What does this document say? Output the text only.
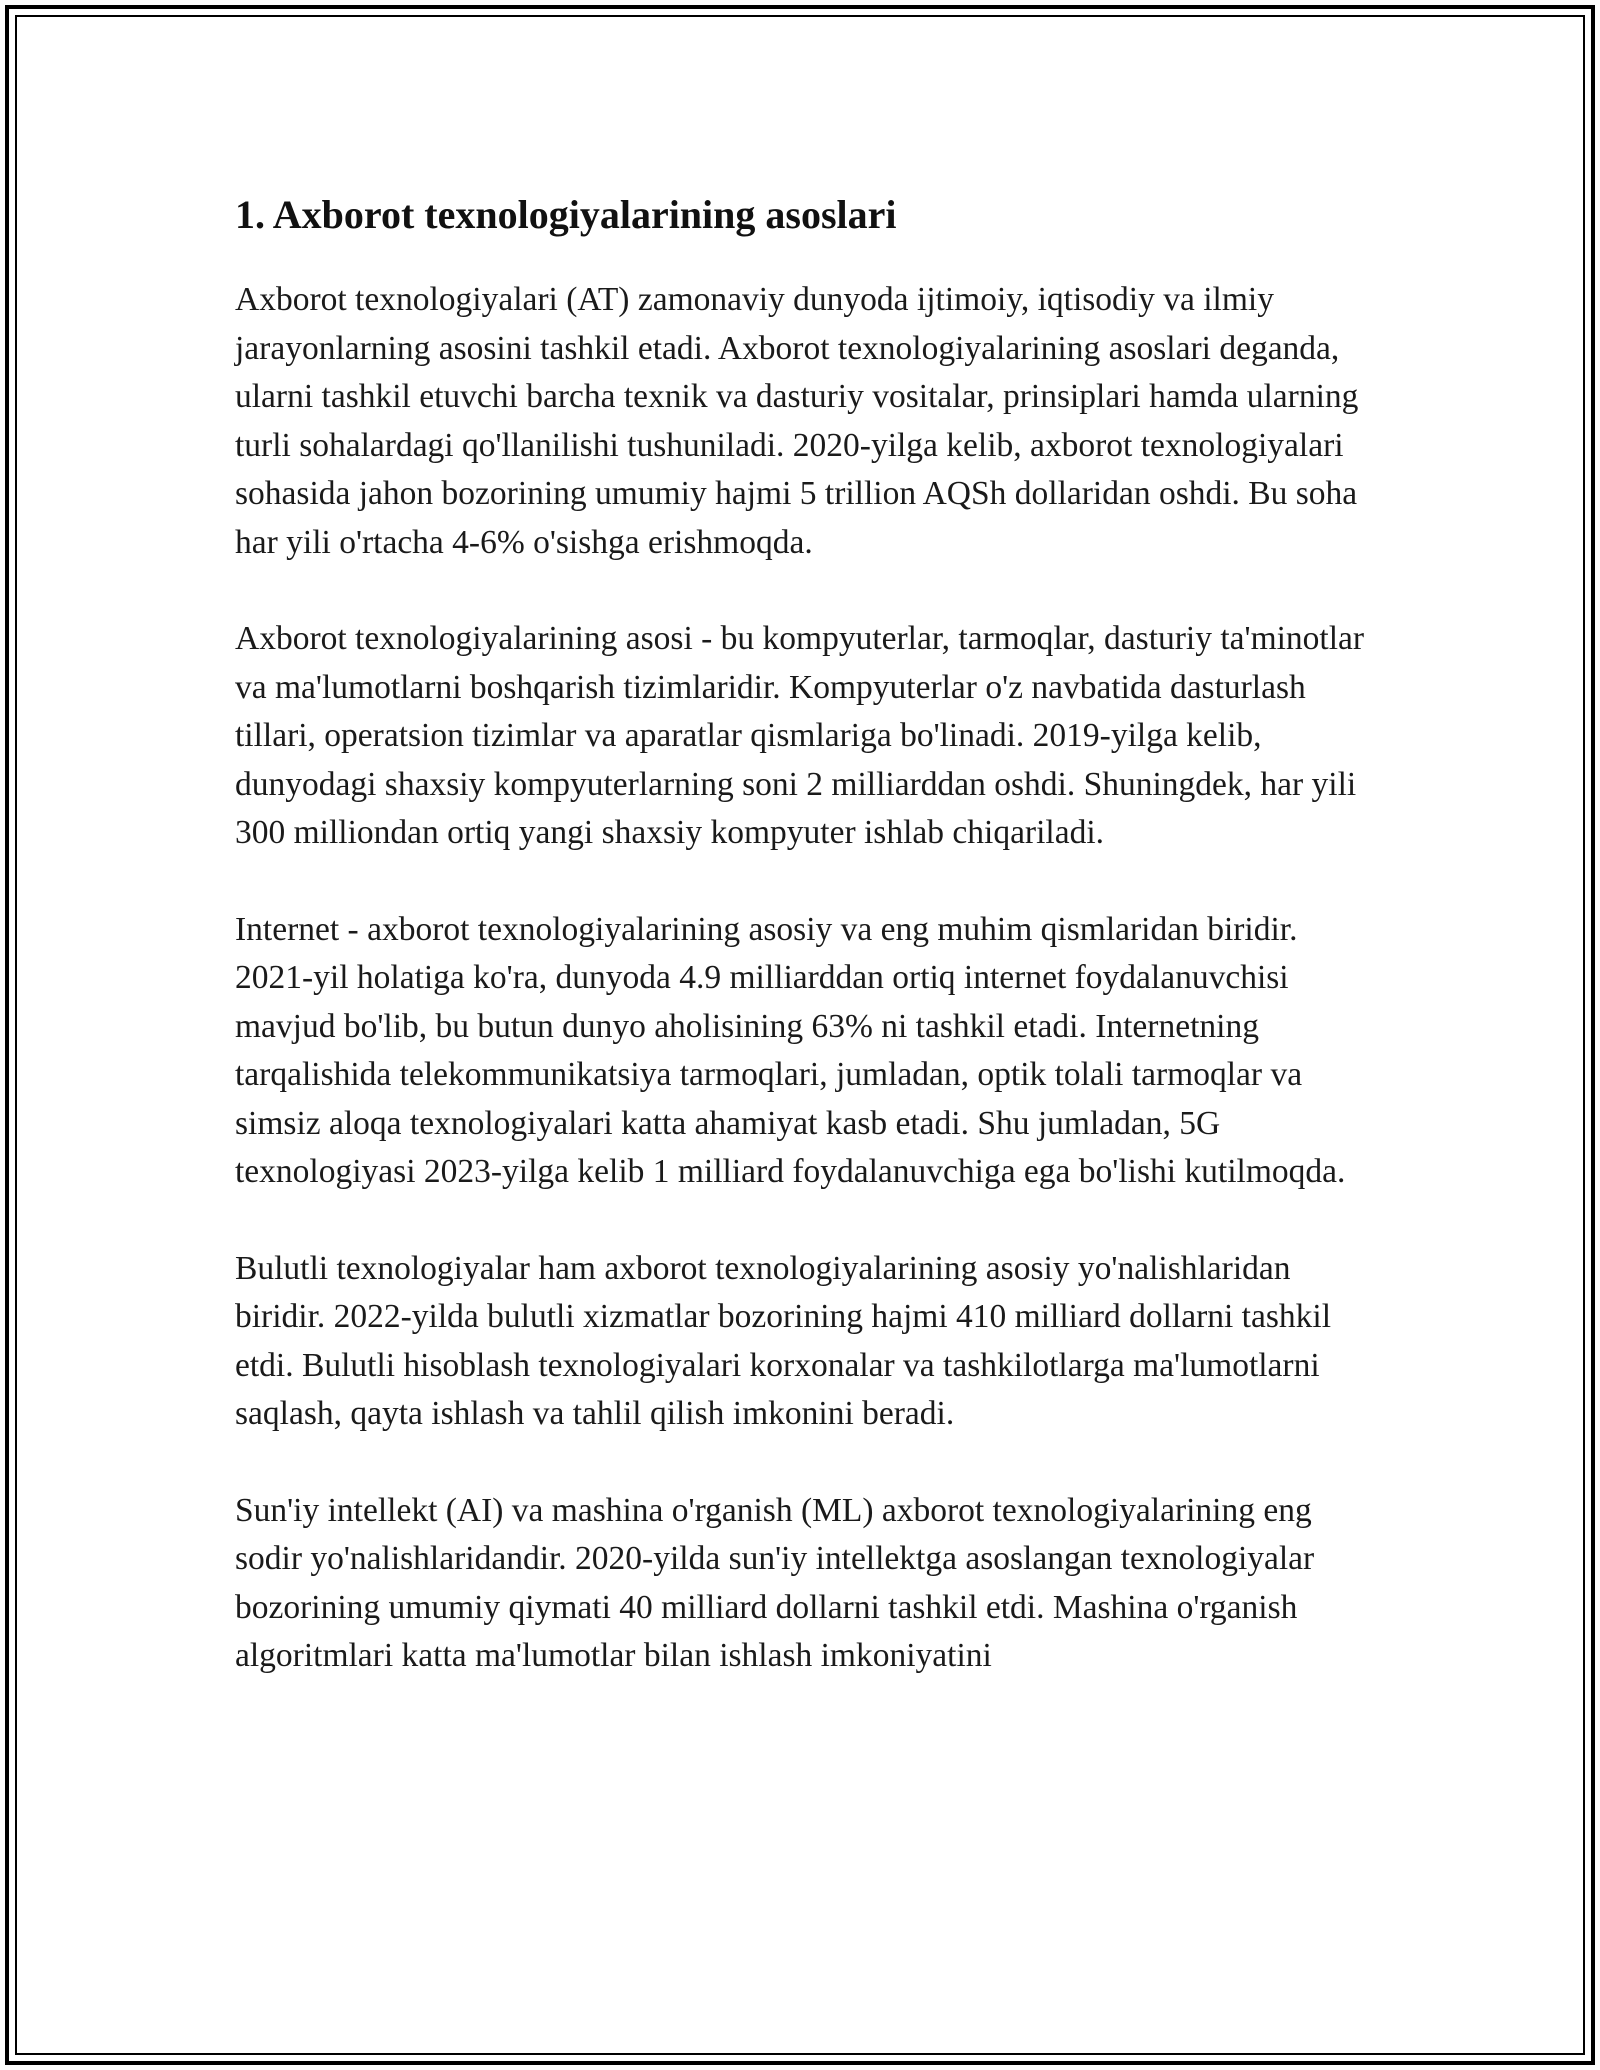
1. Axborot texnologiyalarining asoslari

Axborot texnologiyalari (AT) zamonaviy dunyoda ijtimoiy, iqtisodiy va ilmiy jarayonlarning asosini tashkil etadi. Axborot texnologiyalarining asoslari deganda, ularni tashkil etuvchi barcha texnik va dasturiy vositalar, prinsiplari hamda ularning turli sohalardagi qo'llanilishi tushuniladi. 2020-yilga kelib, axborot texnologiyalari sohasida jahon bozorining umumiy hajmi 5 trillion AQSh dollaridan oshdi. Bu soha har yili o'rtacha 4-6% o'sishga erishmoqda.

Axborot texnologiyalarining asosi - bu kompyuterlar, tarmoqlar, dasturiy ta'minotlar va ma'lumotlarni boshqarish tizimlaridir. Kompyuterlar o'z navbatida dasturlash tillari, operatsion tizimlar va aparatlar qismlariga bo'linadi. 2019-yilga kelib, dunyodagi shaxsiy kompyuterlarning soni 2 milliarddan oshdi. Shuningdek, har yili 300 milliondan ortiq yangi shaxsiy kompyuter ishlab chiqariladi.

Internet - axborot texnologiyalarining asosiy va eng muhim qismlaridan biridir. 2021-yil holatiga ko'ra, dunyoda 4.9 milliarddan ortiq internet foydalanuvchisi mavjud bo'lib, bu butun dunyo aholisining 63% ni tashkil etadi. Internetning tarqalishida telekommunikatsiya tarmoqlari, jumladan, optik tolali tarmoqlar va simsiz aloqa texnologiyalari katta ahamiyat kasb etadi. Shu jumladan, 5G texnologiyasi 2023-yilga kelib 1 milliard foydalanuvchiga ega bo'lishi kutilmoqda.

Bulutli texnologiyalar ham axborot texnologiyalarining asosiy yo'nalishlaridan biridir. 2022-yilda bulutli xizmatlar bozorining hajmi 410 milliard dollarni tashkil etdi. Bulutli hisoblash texnologiyalari korxonalar va tashkilotlarga ma'lumotlarni saqlash, qayta ishlash va tahlil qilish imkonini beradi.

Sun'iy intellekt (AI) va mashina o'rganish (ML) axborot texnologiyalarining eng sodir yo'nalishlaridandir. 2020-yilda sun'iy intellektga asoslangan texnologiyalar bozorining umumiy qiymati 40 milliard dollarni tashkil etdi. Mashina o'rganish algoritmlari katta ma'lumotlar bilan ishlash imkoniyatini
